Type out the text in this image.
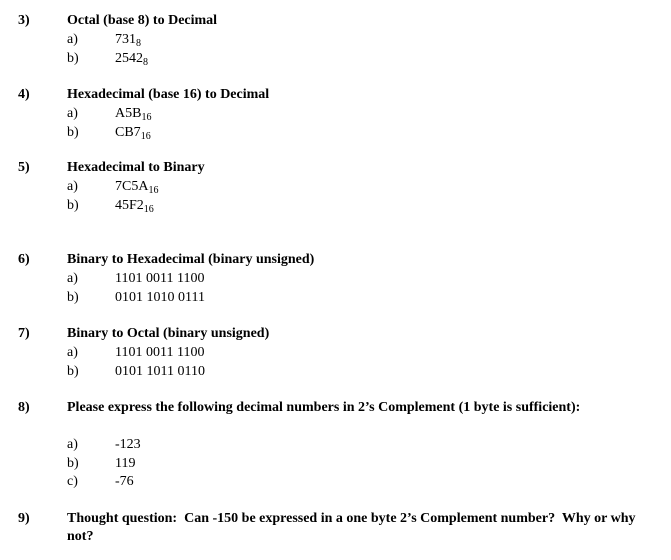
3)	Octal (base 8) to Decimal
a)	$731_8$
b)	$2542_8$
4)	Hexadecimal (base 16) to Decimal
a)	$A5B_{16}$
b)	$CB7_{16}$
5)	Hexadecimal to Binary
a)	$7C5A_{16}$
b)	$45F2_{16}$
6)	Binary to Hexadecimal (binary unsigned)
a)	1101 0011 1100
b)	0101 1010 0111
7)	Binary to Octal (binary unsigned)
a)	1101 0011 1100
b)	0101 1011 0110
8)	Please express the following decimal numbers in 2’s Complement (1 byte is sufficient):
a)	-123
b)	119
c)	-76
9)	Thought question:  Can -150 be expressed in a one byte 2’s Complement number?  Why or why not?
